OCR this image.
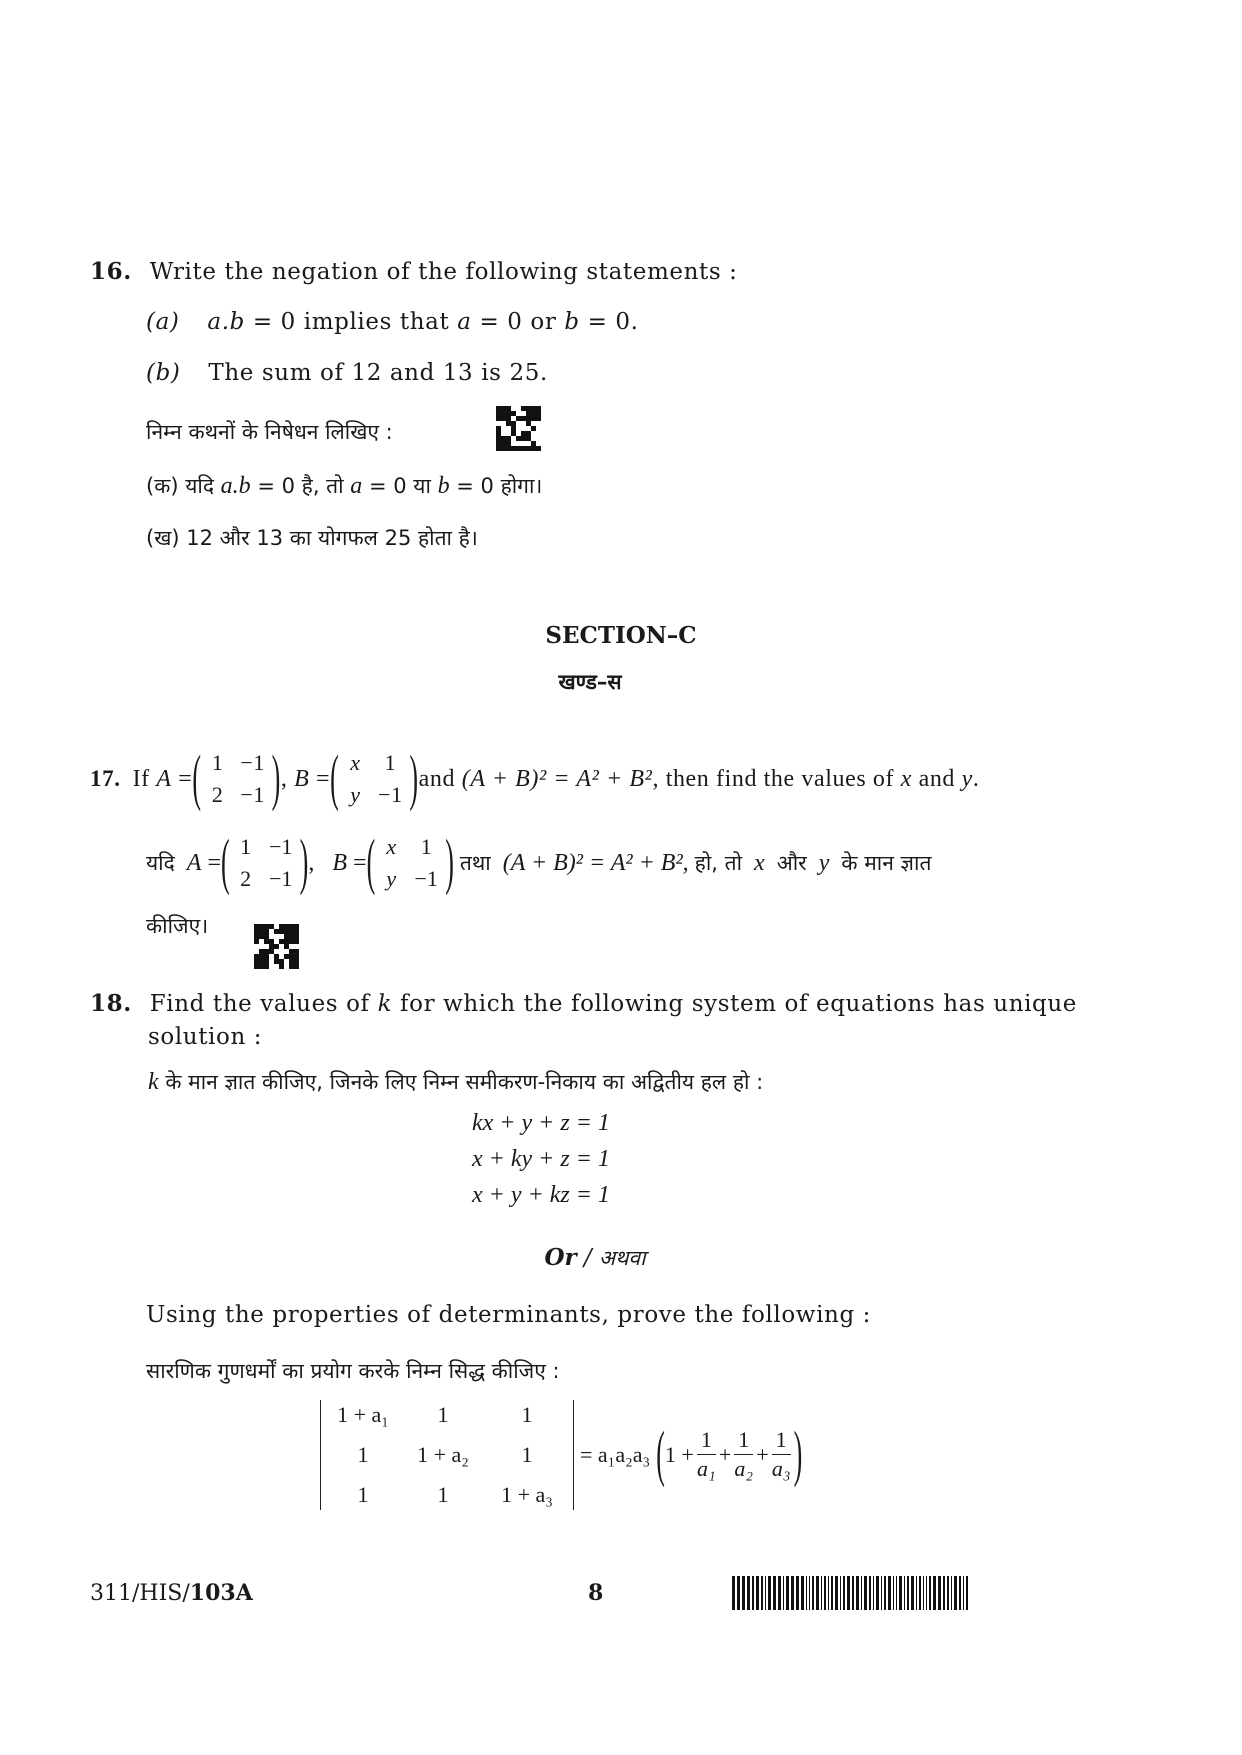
16. Write the negation of the following statements :
(a) a.b = 0 implies that a = 0 or b = 0.
(b) The sum of 12 and 13 is 25.
निम्न कथनों के निषेधन लिखिए :
(क) यदि a.b = 0 है, तो a = 0 या b = 0 होगा।
(ख) 12 और 13 का योगफल 25 होता है।
SECTION–C
खण्ड–स
17. If
A
= ( 1 −1
2 −1 ) ,
B
= ( x	1
y −1 ) and
(A + B)² = A² + B²,
then find the values of
x
and
y .
यदि
A
= ( 1 −1
2 −1 ) ,
B
= ( x	1
y −1 )
तथा
(A + B)² = A² + B²,
हो, तो
x
और
y
के मान ज्ञात
कीजिए।
18. Find the values of k for which the following system of equations has unique
solution :
k के मान ज्ञात कीजिए, जिनके लिए निम्न समीकरण-निकाय का अद्वितीय हल हो :
kx + y + z = 1
x + ky + z = 1
x + y + kz = 1
Or / अथवा
Using the properties of determinants, prove the following :
सारणिक गुणधर्मों का प्रयोग करके निम्न सिद्ध कीजिए :
1 + a₁	1	1
1	1 + a₂	1
1	1	1 + a₃
= a₁a₂a₃ ( $1 + \frac{1}{\text{a₁}} + \frac{1}{\text{a₂}} + \frac{1}{\text{a₃}}$ )
311/HIS/103A	8
